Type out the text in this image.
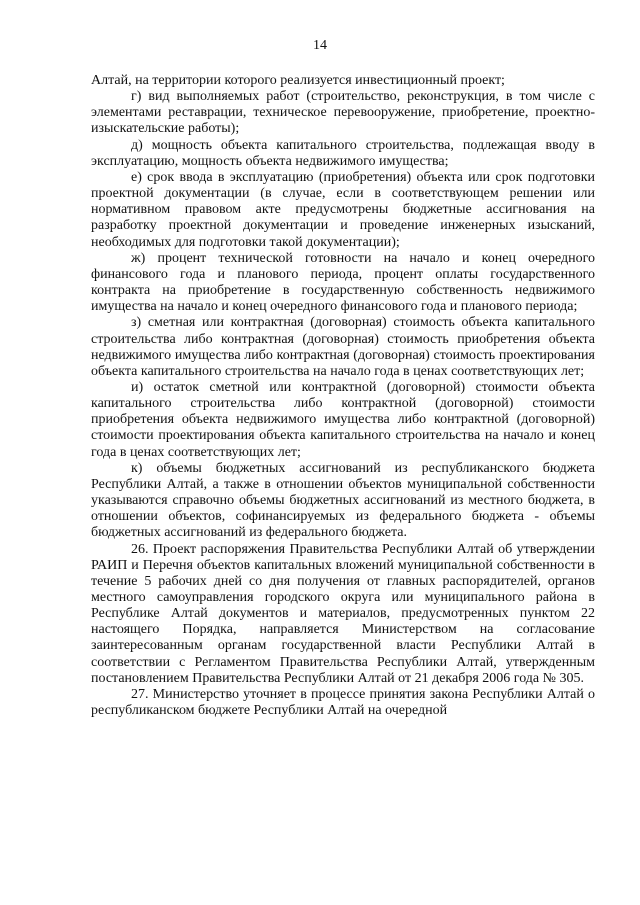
14

Алтай, на территории которого реализуется инвестиционный проект;

г) вид выполняемых работ (строительство, реконструкция, в том числе с элементами реставрации, техническое перевооружение, приобретение, проектно-изыскательские работы);

д) мощность объекта капитального строительства, подлежащая вводу в эксплуатацию, мощность объекта недвижимого имущества;

е) срок ввода в эксплуатацию (приобретения) объекта или срок подготовки проектной документации (в случае, если в соответствующем решении или нормативном правовом акте предусмотрены бюджетные ассигнования на разработку проектной документации и проведение инженерных изысканий, необходимых для подготовки такой документации);

ж) процент технической готовности на начало и конец очередного финансового года и планового периода, процент оплаты государственного контракта на приобретение в государственную собственность недвижимого имущества на начало и конец очередного финансового года и планового периода;

з) сметная или контрактная (договорная) стоимость объекта капитального строительства либо контрактная (договорная) стоимость приобретения объекта недвижимого имущества либо контрактная (договорная) стоимость проектирования объекта капитального строительства на начало года в ценах соответствующих лет;

и) остаток сметной или контрактной (договорной) стоимости объекта капитального строительства либо контрактной (договорной) стоимости приобретения объекта недвижимого имущества либо контрактной (договорной) стоимости проектирования объекта капитального строительства на начало и конец года в ценах соответствующих лет;

к) объемы бюджетных ассигнований из республиканского бюджета Республики Алтай, а также в отношении объектов муниципальной собственности указываются справочно объемы бюджетных ассигнований из местного бюджета, в отношении объектов, софинансируемых из федерального бюджета - объемы бюджетных ассигнований из федерального бюджета.

26. Проект распоряжения Правительства Республики Алтай об утверждении РАИП и Перечня объектов капитальных вложений муниципальной собственности в течение 5 рабочих дней со дня получения от главных распорядителей, органов местного самоуправления городского округа или муниципального района в Республике Алтай документов и материалов, предусмотренных пунктом 22 настоящего Порядка, направляется Министерством на согласование заинтересованным органам государственной власти Республики Алтай в соответствии с Регламентом Правительства Республики Алтай, утвержденным постановлением Правительства Республики Алтай от 21 декабря 2006 года № 305.

27. Министерство уточняет в процессе принятия закона Республики Алтай о республиканском бюджете Республики Алтай на очередной
